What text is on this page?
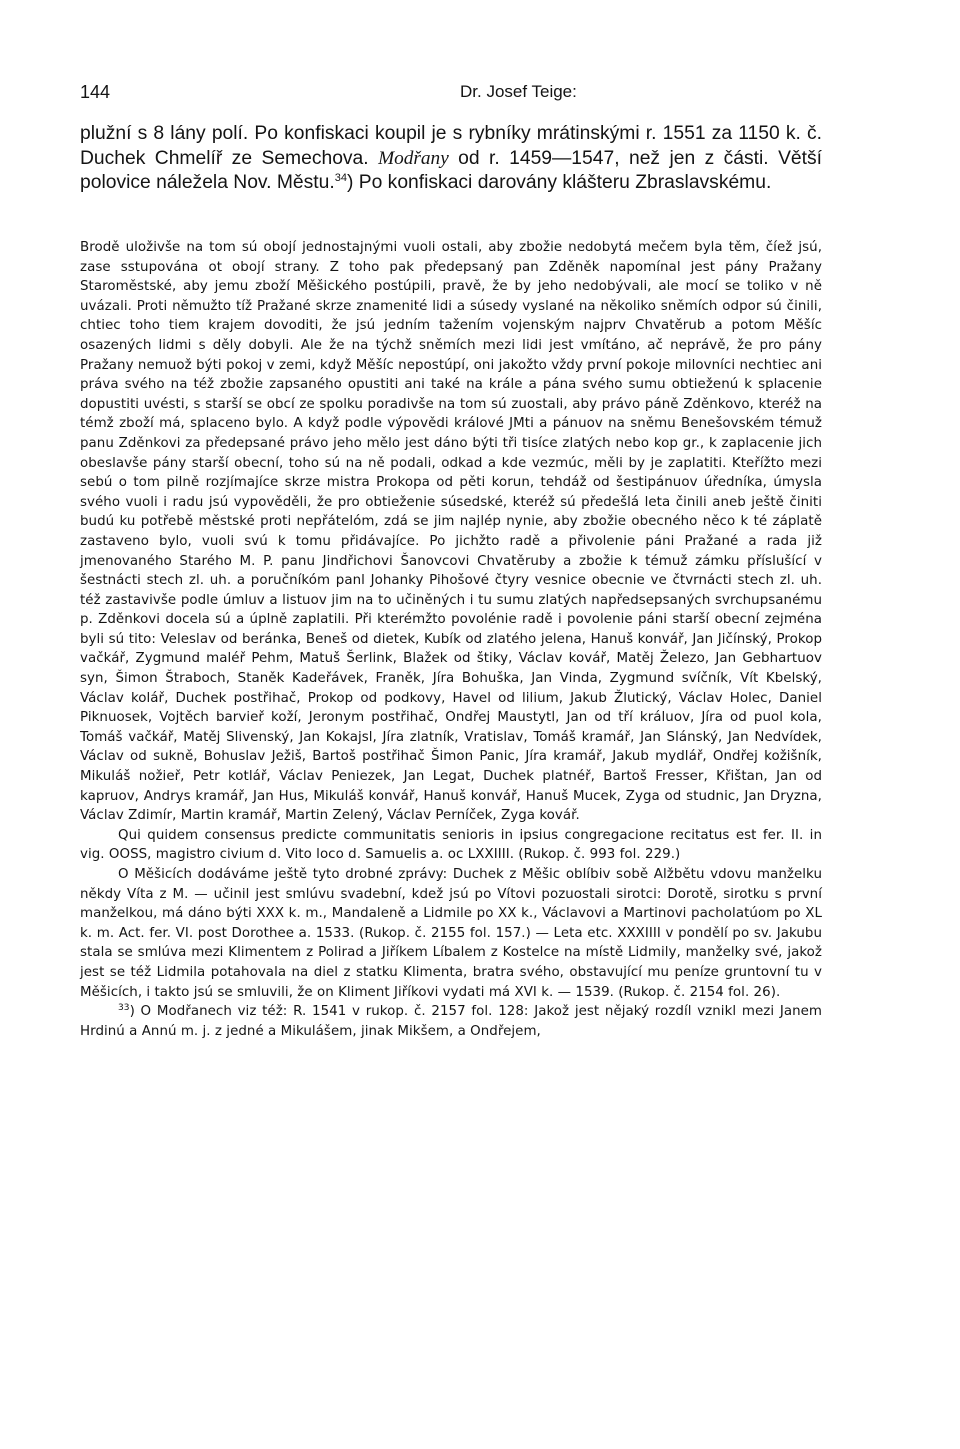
144	Dr. Josef Teige:

plužní s 8 lány polí. Po konfiskaci koupil je s rybníky mrátinskými r. 1551 za 1150 k. č. Duchek Chmelíř ze Semechova. Modřany od r. 1459—1547, než jen z části. Větší polovice náležela Nov. Městu.$^{34}$) Po konfiskaci darovány klášteru Zbraslavskému.

Brodě uloživše na tom sú obojí jednostajnými vuoli ostali, aby zbožie nedobytá mečem byla těm, číež jsú, zase sstupována ot obojí strany. Z toho pak předepsaný pan Zděněk napomínal jest pány Pražany Staroměstské, aby jemu zboží Měšického postúpili, pravě, že by jeho nedobývali, ale mocí se toliko v ně uvázali. Proti němužto tíž Pražané skrze znamenité lidi a súsedy vyslané na několiko sněmích odpor sú činili, chtiec toho tiem krajem dovoditi, že jsú jedním tažením vojenským najprv Chvatěrub a potom Měšíc osazených lidmi s děly dobyli. Ale že na týchž sněmích mezi lidi jest vmítáno, ač neprávě, že pro pány Pražany nemuož býti pokoj v zemi, když Měšíc nepostúpí, oni jakožto vždy první pokoje milovníci nechtiec ani práva svého na též zbožie zapsaného opustiti ani také na krále a pána svého sumu obtieženú k splacenie dopustiti uvésti, s starší se obcí ze spolku poradivše na tom sú zuostali, aby právo páně Zděnkovo, kteréž na témž zboží má, splaceno bylo. A když podle výpovědi králové JMti a pánuov na sněmu Benešovském témuž panu Zděnkovi za předepsané právo jeho mělo jest dáno býti tři tisíce zlatých nebo kop gr., k zaplacenie jich obeslavše pány starší obecní, toho sú na ně podali, odkad a kde vezmúc, měli by je zaplatiti. Kteřížto mezi sebú o tom pilně rozjímajíce skrze mistra Prokopa od pěti korun, tehdáž od šestipánuov úředníka, úmysla svého vuoli i radu jsú vypověděli, že pro obtieženie súsedské, kteréž sú předešlá leta činili aneb ještě činiti budú ku potřebě městské proti nepřátelóm, zdá se jim najlép nynie, aby zbožie obecného něco k té záplatě zastaveno bylo, vuoli svú k tomu přidávajíce. Po jichžto radě a přivolenie páni Pražané a rada již jmenovaného Starého M. P. panu Jindřichovi Šanovcovi Chvatěruby a zbožie k témuž zámku příslušící v šestnácti stech zl. uh. a poručníkóm panl Johanky Pihošové čtyry vesnice obecnie ve čtvrnácti stech zl. uh. též zastavivše podle úmluv a listuov jim na to učiněných i tu sumu zlatých napředsepsaných svrchupsanému p. Zděnkovi docela sú a úplně zaplatili. Při kterémžto povolénie radě i povolenie páni starší obecní zejména byli sú tito: Veleslav od beránka, Beneš od dietek, Kubík od zlatého jelena, Hanuš konvář, Jan Jičínský, Prokop vačkář, Zygmund maléř Pehm, Matuš Šerlink, Blažek od štiky, Václav kovář, Matěj Železo, Jan Gebhartuov syn, Šimon Štraboch, Staněk Kadeřávek, Franěk, Jíra Bohuška, Jan Vinda, Zygmund svíčník, Vít Kbelský, Václav kolář, Duchek postřihač, Prokop od podkovy, Havel od lilium, Jakub Žlutický, Václav Holec, Daniel Piknuosek, Vojtěch barvieř koží, Jeronym postřihač, Ondřej Maustytl, Jan od tří králuov, Jíra od puol kola, Tomáš vačkář, Matěj Slivenský, Jan Kokajsl, Jíra zlatník, Vratislav, Tomáš kramář, Jan Slánský, Jan Nedvídek, Václav od sukně, Bohuslav Ježiš, Bartoš postřihač Šimon Panic, Jíra kramář, Jakub mydlář, Ondřej kožišník, Mikuláš nožieř, Petr kotlář, Václav Peniezek, Jan Legat, Duchek platnéř, Bartoš Fresser, Křištan, Jan od kapruov, Andrys kramář, Jan Hus, Mikuláš konvář, Hanuš konvář, Hanuš Mucek, Zyga od studnic, Jan Dryzna, Václav Zdimír, Martin kramář, Martin Zelený, Václav Perníček, Zyga kovář.

Qui quidem consensus predicte communitatis senioris in ipsius congregacione recitatus est fer. II. in vig. OOSS, magistro civium d. Vito loco d. Samuelis a. oc LXXIIII. (Rukop. č. 993 fol. 229.)

O Měšicích dodáváme ještě tyto drobné zprávy: Duchek z Měšic oblíbiv sobě Alžbětu vdovu manželku někdy Víta z M. — učinil jest smlúvu svadební, kdež jsú po Vítovi pozuostali sirotci: Dorotě, sirotku s první manželkou, má dáno býti XXX k. m., Mandaleně a Lidmile po XX k., Václavovi a Martinovi pacholatúom po XL k. m. Act. fer. VI. post Dorothee a. 1533. (Rukop. č. 2155 fol. 157.) — Leta etc. XXXIIII v pondělí po sv. Jakubu stala se smlúva mezi Klimentem z Polirad a Jiříkem Líbalem z Kostelce na místě Lidmily, manželky své, jakož jest se též Lidmila potahovala na diel z statku Klimenta, bratra svého, obstavující mu peníze gruntovní tu v Měšicích, i takto jsú se smluvili, že on Kliment Jiříkovi vydati má XVI k. — 1539. (Rukop. č. 2154 fol. 26).

$^{33}$) O Modřanech viz též: R. 1541 v rukop. č. 2157 fol. 128: Jakož jest nějaký rozdíl vznikl mezi Janem Hrdinú a Annú m. j. z jedné a Mikulášem, jinak Mikšem, a Ondřejem,
